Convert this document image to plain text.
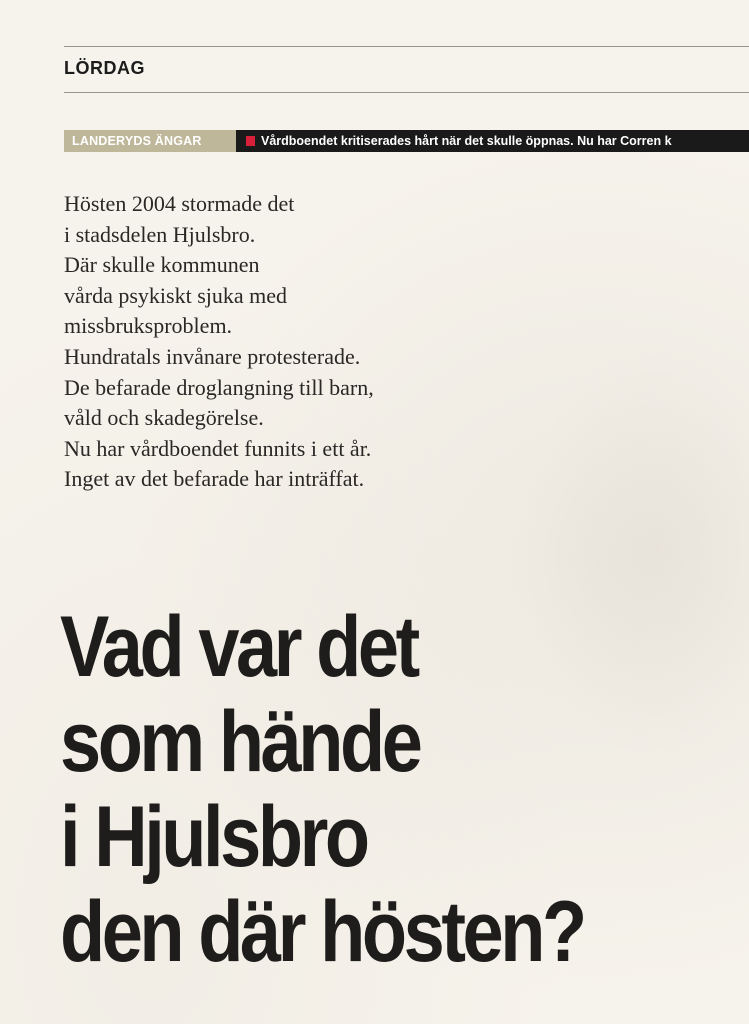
LÖRDAG
LANDERYDS ÄNGAR	Vårdboendet kritiserades hårt när det skulle öppnas. Nu har Corren k
Hösten 2004 stormade det
i stadsdelen Hjulsbro.
Där skulle kommunen
vårda psykiskt sjuka med
missbruksproblem.
Hundratals invånare protesterade.
De befarade droglangning till barn,
våld och skadegörelse.
Nu har vårdboendet funnits i ett år.
Inget av det befarade har inträffat.
Vad var det
som hände
i Hjulsbro
den där hösten?
